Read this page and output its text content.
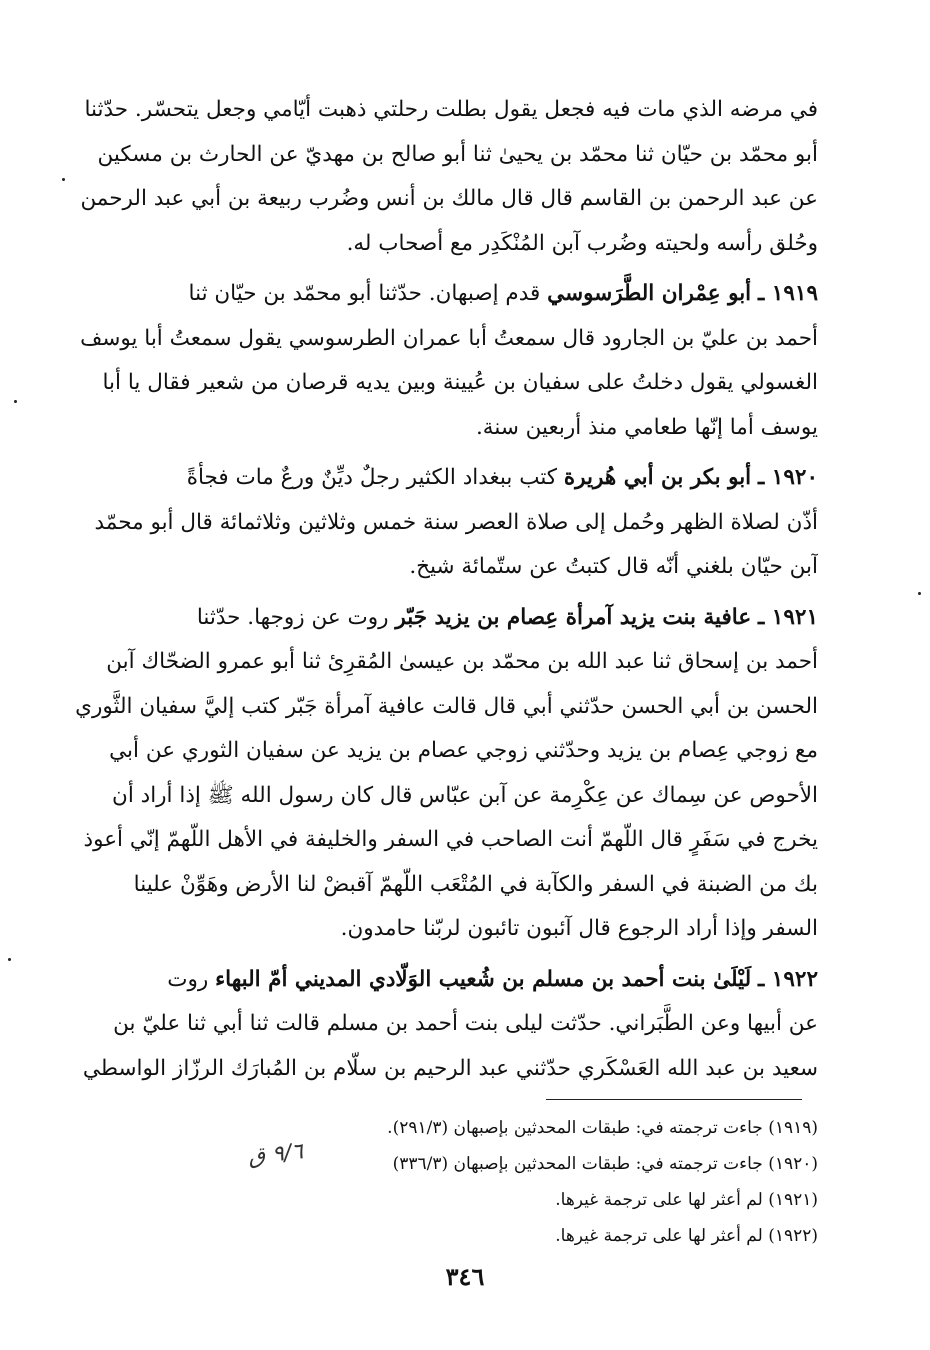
في مرضه الذي مات فيه فجعل يقول بطلت رحلتي ذهبت أيّامي وجعل يتحسّر. حدّثنا
أبو محمّد بن حيّان ثنا محمّد بن يحيىٰ ثنا أبو صالح بن مهديّ عن الحارث بن مسكين
عن عبد الرحمن بن القاسم قال قال مالك بن أنس وضُرب ربيعة بن أبي عبد الرحمن
وحُلق رأسه ولحيته وضُرب آبن المُنْكَدِر مع أصحاب له.

١٩١٩ ـ أبو عِمْران الطَّرَسوسي قدم إصبهان. حدّثنا أبو محمّد بن حيّان ثنا
أحمد بن عليّ بن الجارود قال سمعتُ أبا عمران الطرسوسي يقول سمعتُ أبا يوسف
الغسولي يقول دخلتُ على سفيان بن عُيينة وبين يديه قرصان من شعير فقال يا أبا
يوسف أما إنّها طعامي منذ أربعين سنة.

١٩٢٠ ـ أبو بكر بن أبي هُريرة كتب ببغداد الكثير رجلٌ ديِّنٌ ورعٌ مات فجأةً
أذّن لصلاة الظهر وحُمل إلى صلاة العصر سنة خمس وثلاثين وثلاثمائة قال أبو محمّد
آبن حيّان بلغني أنّه قال كتبتُ عن ستّمائة شيخ.

١٩٢١ ـ عافية بنت يزيد آمرأة عِصام بن يزيد جَبّر روت عن زوجها. حدّثنا
أحمد بن إسحاق ثنا عبد الله بن محمّد بن عيسىٰ المُقرِئ ثنا أبو عمرو الضحّاك آبن
الحسن بن أبي الحسن حدّثني أبي قال قالت عافية آمرأة جَبّر كتب إليَّ سفيان الثَّوري
مع زوجي عِصام بن يزيد وحدّثني زوجي عصام بن يزيد عن سفيان الثوري عن أبي
الأحوص عن سِماك عن عِكْرِمة عن آبن عبّاس قال كان رسول الله ﷺ إذا أراد أن
يخرج في سَفَرٍ قال اللّهمّ أنت الصاحب في السفر والخليفة في الأهل اللّهمّ إنّي أعوذ
بك من الضبنة في السفر والكآبة في المُتْعَب اللّهمّ آقبضْ لنا الأرض وهَوِّنْ علينا
السفر وإذا أراد الرجوع قال آئبون تائبون لربّنا حامدون.

١٩٢٢ ـ لَيْلَىٰ بنت أحمد بن مسلم بن شُعيب الوَلّادي المديني أمّ البهاء روت
عن أبيها وعن الطَّبَراني. حدّثت ليلى بنت أحمد بن مسلم قالت ثنا أبي ثنا عليّ بن
سعيد بن عبد الله العَسْكَري حدّثني عبد الرحيم بن سلّام بن المُبارَك الرزّاز الواسطي

(١٩١٩) جاءت ترجمته في: طبقات المحدثين بإصبهان (٢٩١/٣).
(١٩٢٠) جاءت ترجمته في: طبقات المحدثين بإصبهان (٣٣٦/٣)
(١٩٢١) لم أعثر لها على ترجمة غيرها.
(١٩٢٢) لم أعثر لها على ترجمة غيرها.
٩/٦ ق
٣٤٦
